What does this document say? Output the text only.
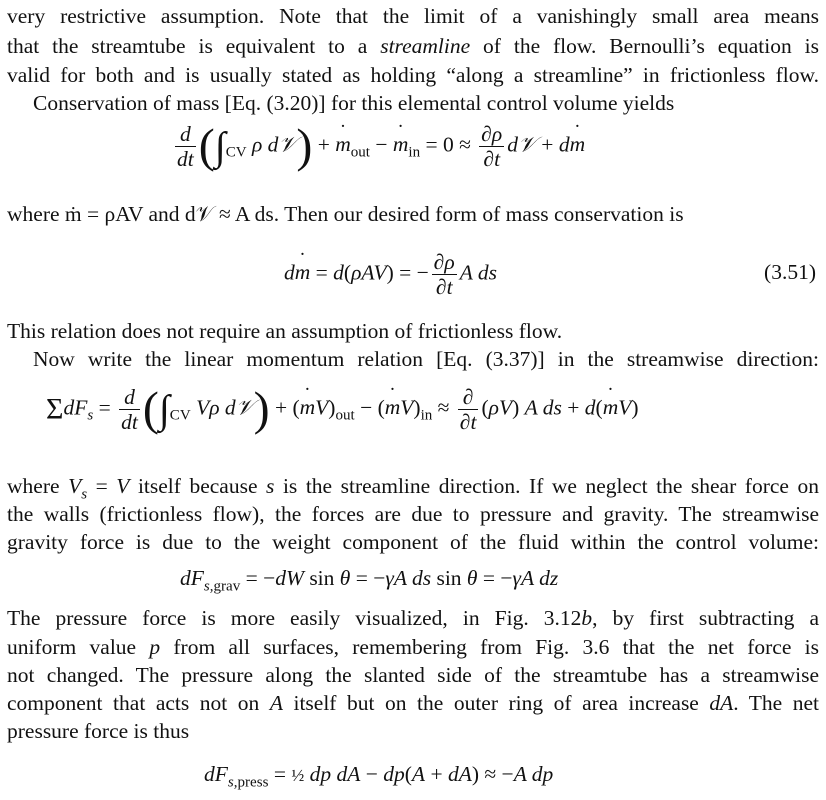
very restrictive assumption. Note that the limit of a vanishingly small area means
that the streamtube is equivalent to a streamline of the flow. Bernoulli’s equation is
valid for both and is usually stated as holding “along a streamline” in frictionless flow.
Conservation of mass [Eq. (3.20)] for this elemental control volume yields
$\frac{d}{dt} (\int_{CV}$ ρ d𝒱) + m $˙_{out} - m$ $˙_{in} = 0 \approx \frac{\partial\rho}{\partial t}$ d𝒱 + dm ˙
where ṁ = ρAV and d𝒱 ≈ A ds. Then our desired form of mass conservation is
dm ˙ = d(ρAV) = − $\frac{\partial\rho}{\partial t}$ A ds	(3.51)
This relation does not require an assumption of frictionless flow.
Now write the linear momentum relation [Eq. (3.37)] in the streamwise direction:
$\Sigma dF_s = \frac{d}{dt} (\int_{CV}$ Vρ d𝒱) + (m $˙V)_{out} - (m$ $˙V)_{in} \approx \frac{\partial}{\partial t} (\rho V)$ A ds + d(m ˙V)
where $V_s = V$ itself because s is the streamline direction. If we neglect the shear force on
the walls (frictionless flow), the forces are due to pressure and gravity. The streamwise
gravity force is due to the weight component of the fluid within the control volume:
$dF_{s,grav} = -dW$ sin θ = −γA ds sin θ = −γA dz
The pressure force is more easily visualized, in Fig. 3.12b, by first subtracting a
uniform value p from all surfaces, remembering from Fig. 3.6 that the net force is
not changed. The pressure along the slanted side of the streamtube has a streamwise
component that acts not on A itself but on the outer ring of area increase dA. The net
pressure force is thus
$dF_{s,press}$ = ½ dp dA − dp(A + dA) ≈ −A dp
